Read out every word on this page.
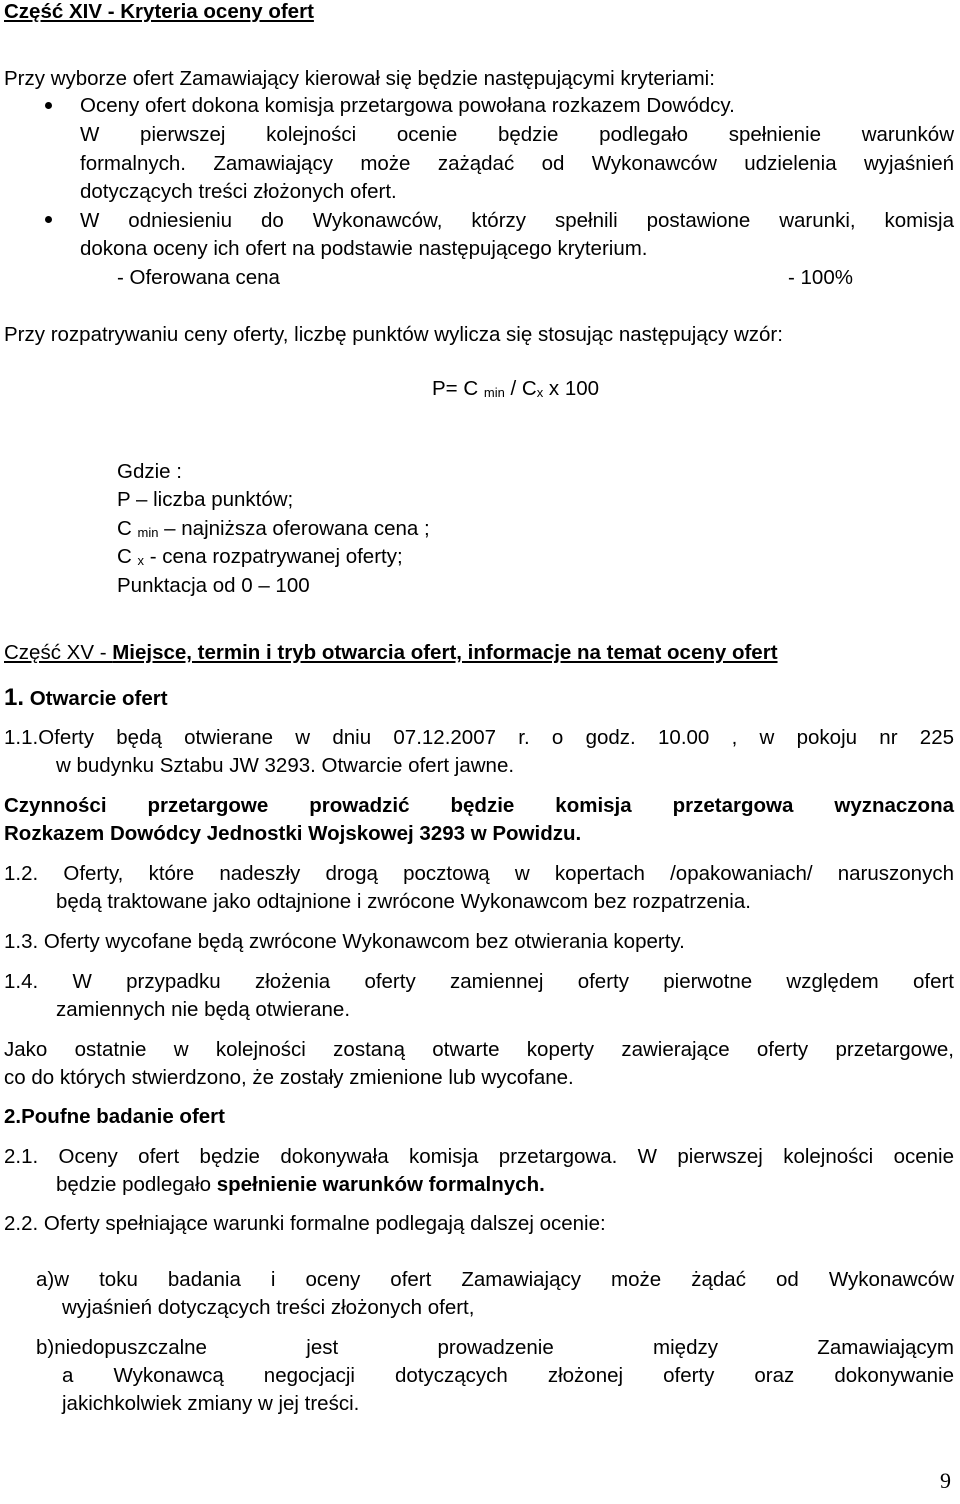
Część XIV - Kryteria oceny ofert
Przy wyborze ofert Zamawiający kierował się będzie następującymi kryteriami:
Oceny ofert dokona komisja przetargowa powołana rozkazem Dowódcy.
W pierwszej kolejności ocenie będzie podlegało spełnienie warunków
formalnych. Zamawiający może zażądać od Wykonawców udzielenia wyjaśnień
dotyczących treści złożonych ofert.
W odniesieniu do Wykonawców, którzy spełnili postawione warunki, komisja
dokona oceny ich ofert na podstawie następującego kryterium.
- Oferowana cena	- 100%
Przy rozpatrywaniu ceny oferty, liczbę punktów wylicza się stosując następujący wzór:
P= C $_{min} / C_x$ x 100
Gdzie :
P – liczba punktów;
C $_{min}$ – najniższa oferowana cena ;
C $_x$ - cena rozpatrywanej oferty;
Punktacja od 0 – 100
Część XV - Miejsce, termin i tryb otwarcia ofert, informacje na temat oceny ofert
1. Otwarcie ofert
1.1.Oferty będą otwierane w dniu 07.12.2007 r. o godz. 10.00 , w pokoju nr 225
w budynku Sztabu JW 3293. Otwarcie ofert jawne.
Czynności przetargowe prowadzić będzie komisja przetargowa wyznaczona
Rozkazem Dowódcy Jednostki Wojskowej 3293 w Powidzu.
1.2. Oferty, które nadeszły drogą pocztową w kopertach /opakowaniach/ naruszonych
będą traktowane jako odtajnione i zwrócone Wykonawcom bez rozpatrzenia.
1.3. Oferty wycofane będą zwrócone Wykonawcom bez otwierania koperty.
1.4. W przypadku złożenia oferty zamiennej oferty pierwotne względem ofert
zamiennych nie będą otwierane.
Jako ostatnie w kolejności zostaną otwarte koperty zawierające oferty przetargowe,
co do których stwierdzono, że zostały zmienione lub wycofane.
2.Poufne badanie ofert
2.1. Oceny ofert będzie dokonywała komisja przetargowa. W pierwszej kolejności ocenie
będzie podlegało spełnienie warunków formalnych.
2.2. Oferty spełniające warunki formalne podlegają dalszej ocenie:
a)w toku badania i oceny ofert Zamawiający może żądać od Wykonawców
wyjaśnień dotyczących treści złożonych ofert,
b)niedopuszczalne jest prowadzenie między Zamawiającym
a Wykonawcą negocjacji dotyczących złożonej oferty oraz dokonywanie
jakichkolwiek zmiany w jej treści.
9
